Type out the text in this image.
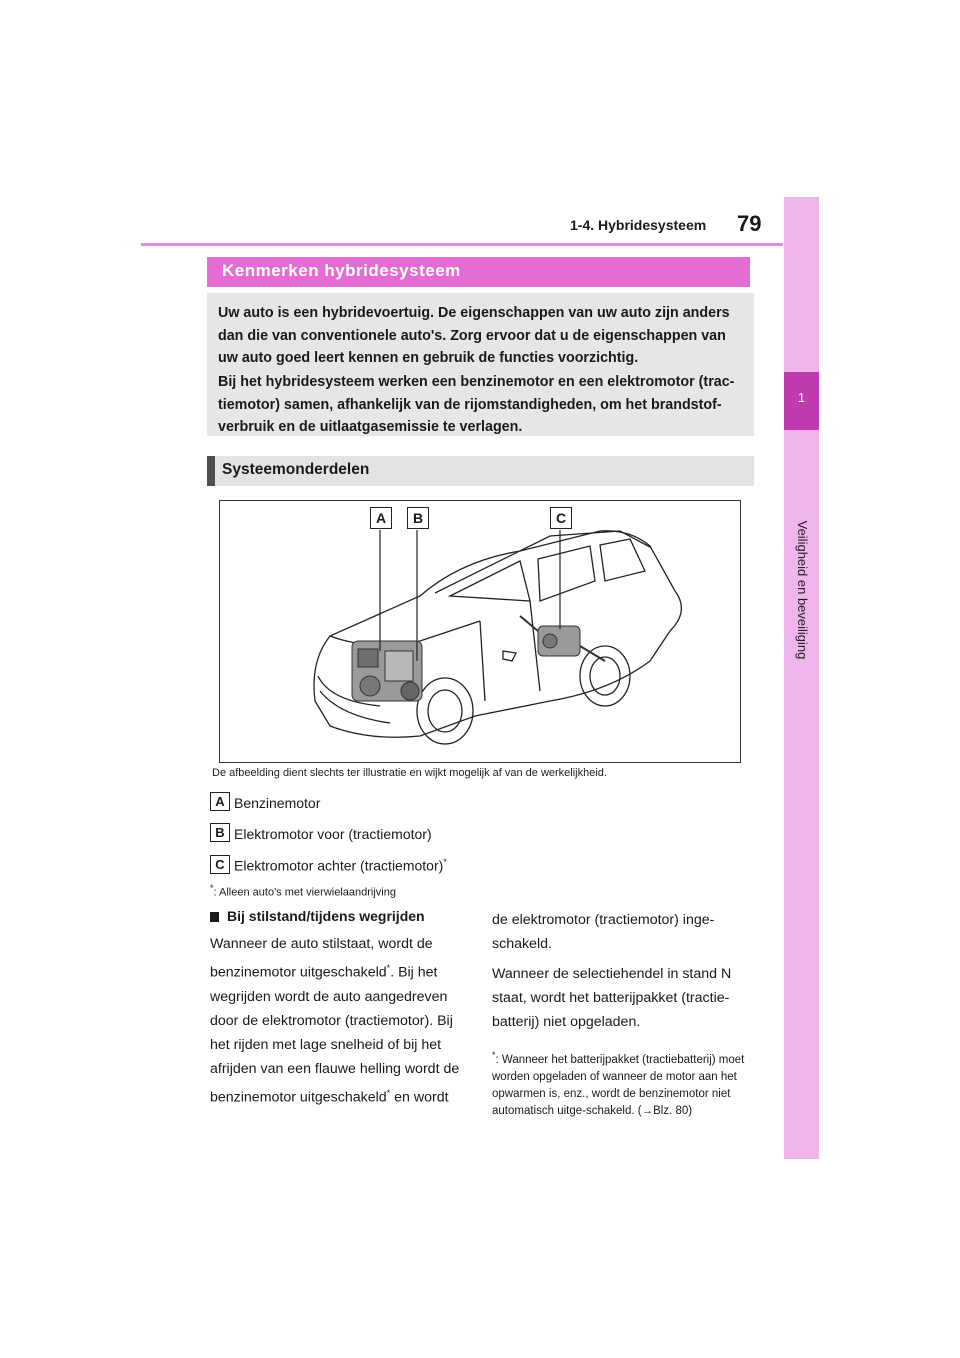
1
Veiligheid en beveiliging
1-4. Hybridesysteem 79
Kenmerken hybridesysteem

Uw auto is een hybridevoertuig. De eigenschappen van uw auto zijn anders dan die van conventionele auto's. Zorg ervoor dat u de eigenschappen van uw auto goed leert kennen en gebruik de functies voorzichtig.

Bij het hybridesysteem werken een benzinemotor en een elektromotor (trac-tiemotor) samen, afhankelijk van de rijomstandigheden, om het brandstof-verbruik en de uitlaatgasemissie te verlagen.

Systeemonderdelen
A	B	C
De afbeelding dient slechts ter illustratie en wijkt mogelijk af van de werkelijkheid.
A Benzinemotor
B Elektromotor voor (tractiemotor)
C Elektromotor achter (tractiemotor)*
*: Alleen auto's met vierwielaandrijving
Bij stilstand/tijdens wegrijden

Wanneer de auto stilstaat, wordt de
benzinemotor uitgeschakeld*. Bij het
wegrijden wordt de auto aangedreven
door de elektromotor (tractiemotor). Bij
het rijden met lage snelheid of bij het
afrijden van een flauwe helling wordt de
benzinemotor uitgeschakeld* en wordt

de elektromotor (tractiemotor) inge-
schakeld.

Wanneer de selectiehendel in stand N
staat, wordt het batterijpakket (tractie-
batterij) niet opgeladen.

*: Wanneer het batterijpakket (tractiebatterij) moet worden opgeladen of wanneer de motor aan het opwarmen is, enz., wordt de benzinemotor niet automatisch uitge-schakeld. (→Blz. 80)
